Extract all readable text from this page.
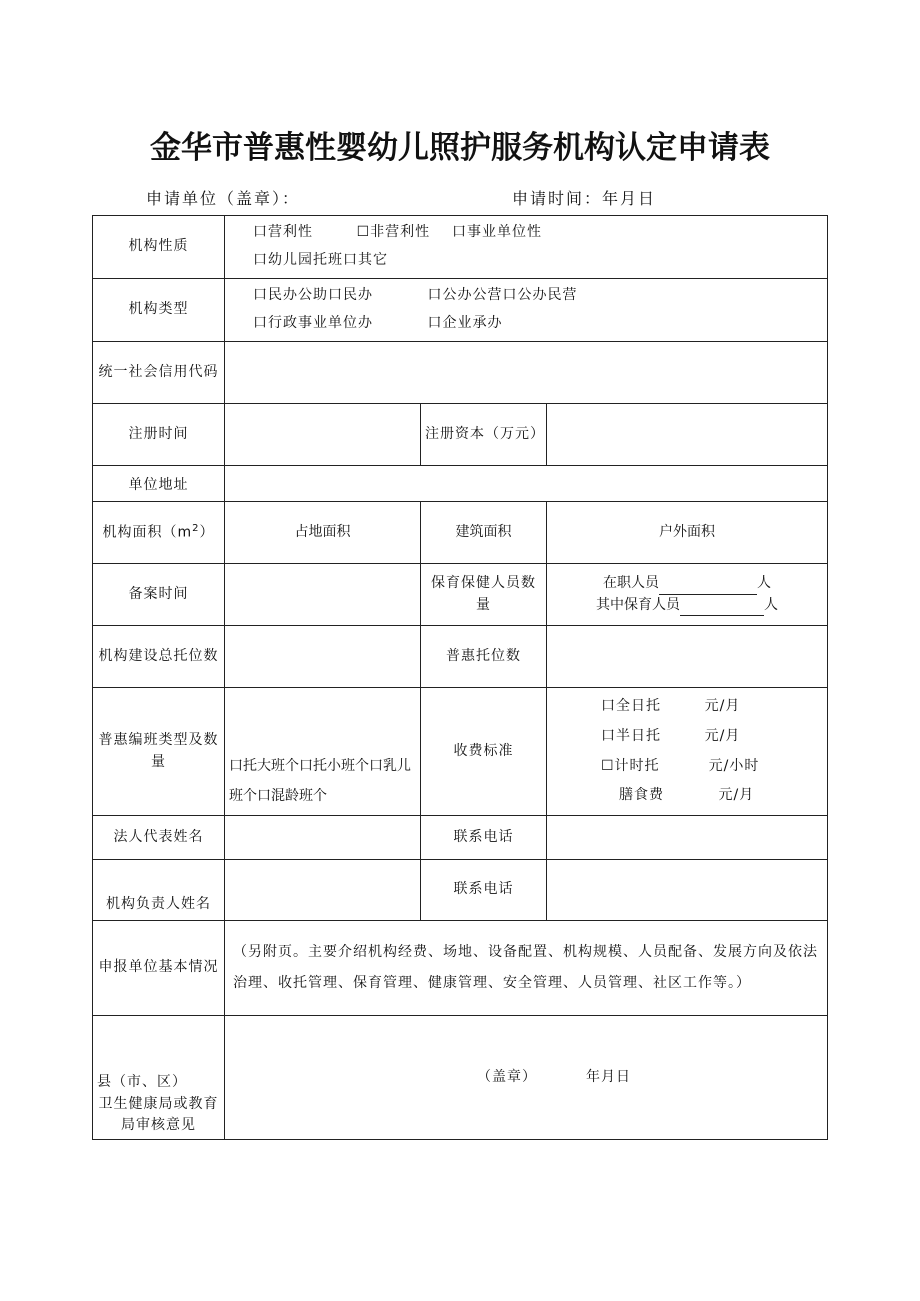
金华市普惠性婴幼儿照护服务机构认定申请表
申请单位（盖章）：	申请时间：年月日
机构性质	口营利性        ☐非营利性    口事业单位性
口幼儿园托班口其它		

机构类型	口民办公助口民办          口公办公营口公办民营
口行政事业单位办          口企业承办		

统一社会信用代码			
注册时间		注册资本（万元）	
单位地址			
机构面积$(m^2)$	占地面积	建筑面积	户外面积
备案时间		保育保健人员数量	在职人员 人
其中保育人员 人

机构建设总托位数		普惠托位数	
普惠编班类型及数量	口托大班个口托小班个口乳儿班个口混龄班个	收费标准	口全日托        元/月
口半日托        元/月
☐计时托         元/小时
膳食费          元/月

法人代表姓名		联系电话	
机构负责人姓名		联系电话	
申报单位基本情况	（另附页。主要介绍机构经费、场地、设备配置、机构规模、人员配备、发展方向及依法治理、收托管理、保育管理、健康管理、安全管理、人员管理、社区工作等。）		

县（市、区）
卫生健康局或教育局审核意见	（盖章）         年月日		
